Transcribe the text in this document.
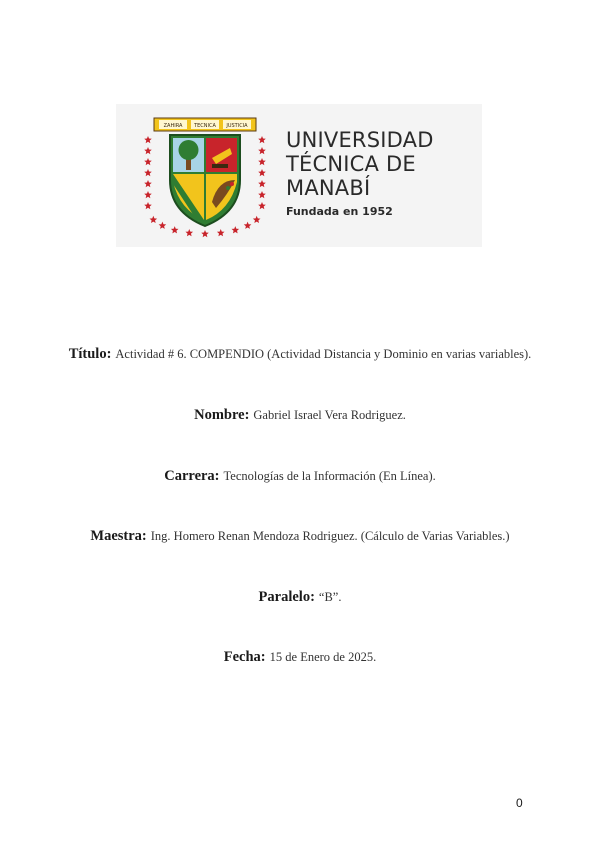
ZAHIRA TECNICA JUSTICIA
UNIVERSIDAD
TÉCNICA DE
MANABÍ
Fundada en 1952
Título: Actividad # 6. COMPENDIO (Actividad Distancia y Dominio en varias variables).
Nombre: Gabriel Israel Vera Rodriguez.
Carrera: Tecnologías de la Información (En Línea).
Maestra: Ing. Homero Renan Mendoza Rodriguez. (Cálculo de Varias Variables.)
Paralelo: “B”.
Fecha: 15 de Enero de 2025.
0
